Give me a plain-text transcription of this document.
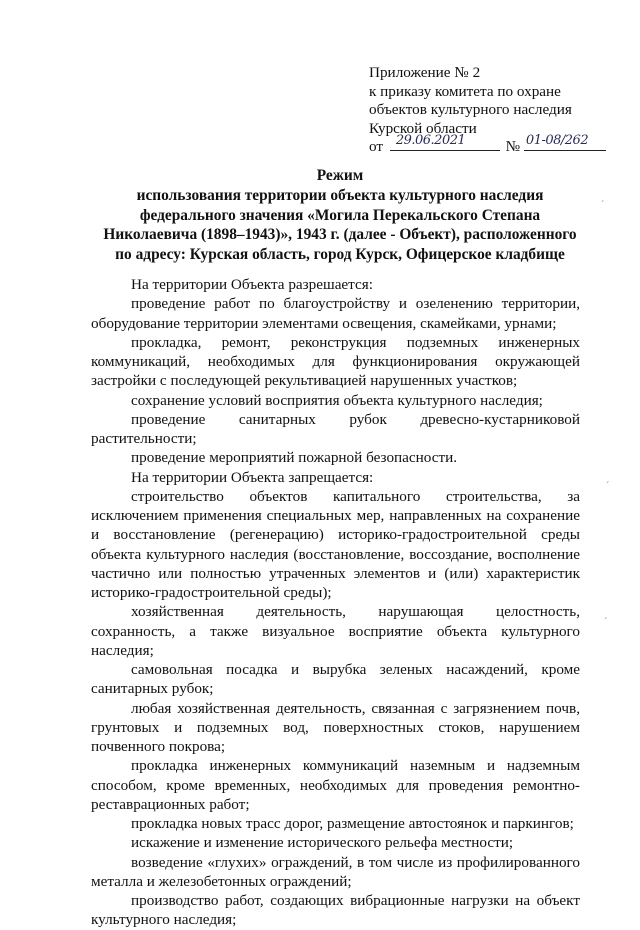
Приложение № 2
к приказу комитета по охране
объектов культурного наследия
Курской области
от 29.06.2021	№ 01-08/262
Режим
использования территории объекта культурного наследия
федерального значения «Могила Перекальского Степана
Николаевича (1898–1943)», 1943 г. (далее - Объект), расположенного
по адресу: Курская область, город Курск, Офицерское кладбище

На территории Объекта разрешается:

проведение работ по благоустройству и озеленению территории, оборудование территории элементами освещения, скамейками, урнами;

прокладка, ремонт, реконструкция подземных инженерных коммуникаций, необходимых для функционирования окружающей застройки с последующей рекультивацией нарушенных участков;

сохранение условий восприятия объекта культурного наследия;

проведение санитарных рубок древесно-кустарниковой растительности;

проведение мероприятий пожарной безопасности.

На территории Объекта запрещается:

строительство объектов капитального строительства, за исключением применения специальных мер, направленных на сохранение и восстановление (регенерацию) историко-градостроительной среды объекта культурного наследия (восстановление, воссоздание, восполнение частично или полностью утраченных элементов и (или) характеристик историко-градостроительной среды);

хозяйственная деятельность, нарушающая целостность, сохранность, а также визуальное восприятие объекта культурного наследия;

самовольная посадка и вырубка зеленых насаждений, кроме санитарных рубок;

любая хозяйственная деятельность, связанная с загрязнением почв, грунтовых и подземных вод, поверхностных стоков, нарушением почвенного покрова;

прокладка инженерных коммуникаций наземным и надземным способом, кроме временных, необходимых для проведения ремонтно-реставрационных работ;

прокладка новых трасс дорог, размещение автостоянок и паркингов;

искажение и изменение исторического рельефа местности;

возведение «глухих» ограждений, в том числе из профилированного металла и железобетонных ограждений;

производство работ, создающих вибрационные нагрузки на объект культурного наследия;

ˊ
ˊ
ˊ
